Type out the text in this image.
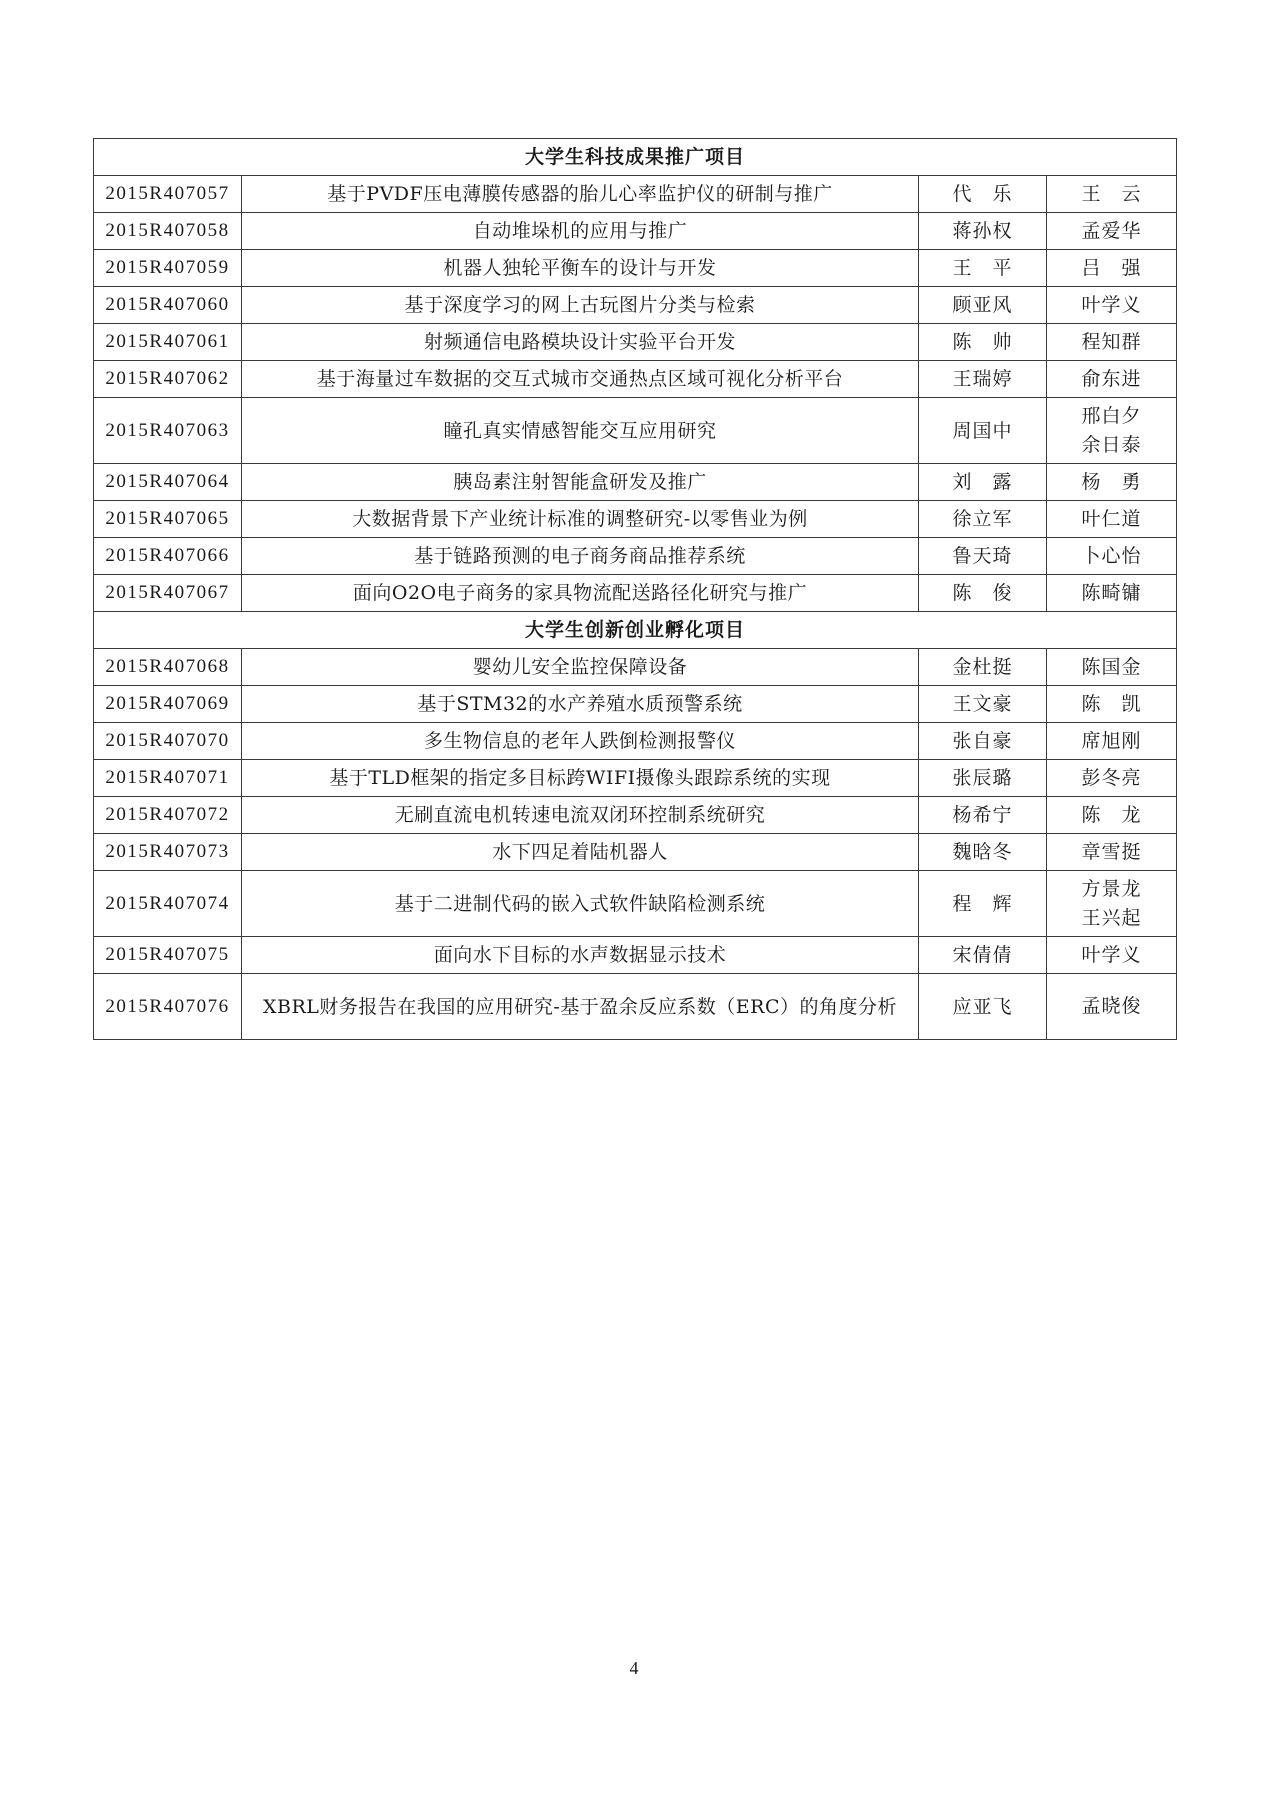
大学生科技成果推广项目			
2015R407057	基于PVDF压电薄膜传感器的胎儿心率监护仪的研制与推广	代　乐	王　云

2015R407058	自动堆垛机的应用与推广	蒋孙权	孟爱华

2015R407059	机器人独轮平衡车的设计与开发	王　平	吕　强

2015R407060	基于深度学习的网上古玩图片分类与检索	顾亚风	叶学义

2015R407061	射频通信电路模块设计实验平台开发	陈　帅	程知群

2015R407062	基于海量过车数据的交互式城市交通热点区域可视化分析平台	王瑞婷	俞东进

2015R407063	瞳孔真实情感智能交互应用研究	周国中	邢白夕
余日泰

2015R407064	胰岛素注射智能盒研发及推广	刘　露	杨　勇

2015R407065	大数据背景下产业统计标准的调整研究-以零售业为例	徐立军	叶仁道

2015R407066	基于链路预测的电子商务商品推荐系统	鲁天琦	卜心怡

2015R407067	面向O2O电子商务的家具物流配送路径化研究与推广	陈　俊	陈畸镛

大学生创新创业孵化项目			
2015R407068	婴幼儿安全监控保障设备	金杜挺	陈国金

2015R407069	基于STM32的水产养殖水质预警系统	王文豪	陈　凯

2015R407070	多生物信息的老年人跌倒检测报警仪	张自豪	席旭刚

2015R407071	基于TLD框架的指定多目标跨WIFI摄像头跟踪系统的实现	张辰璐	彭冬亮

2015R407072	无刷直流电机转速电流双闭环控制系统研究	杨希宁	陈　龙

2015R407073	水下四足着陆机器人	魏晗冬	章雪挺

2015R407074	基于二进制代码的嵌入式软件缺陷检测系统	程　辉	方景龙
王兴起

2015R407075	面向水下目标的水声数据显示技术	宋倩倩	叶学义

2015R407076	XBRL财务报告在我国的应用研究-基于盈余反应系数（ERC）的角度分析	应亚飞	孟晓俊
4
